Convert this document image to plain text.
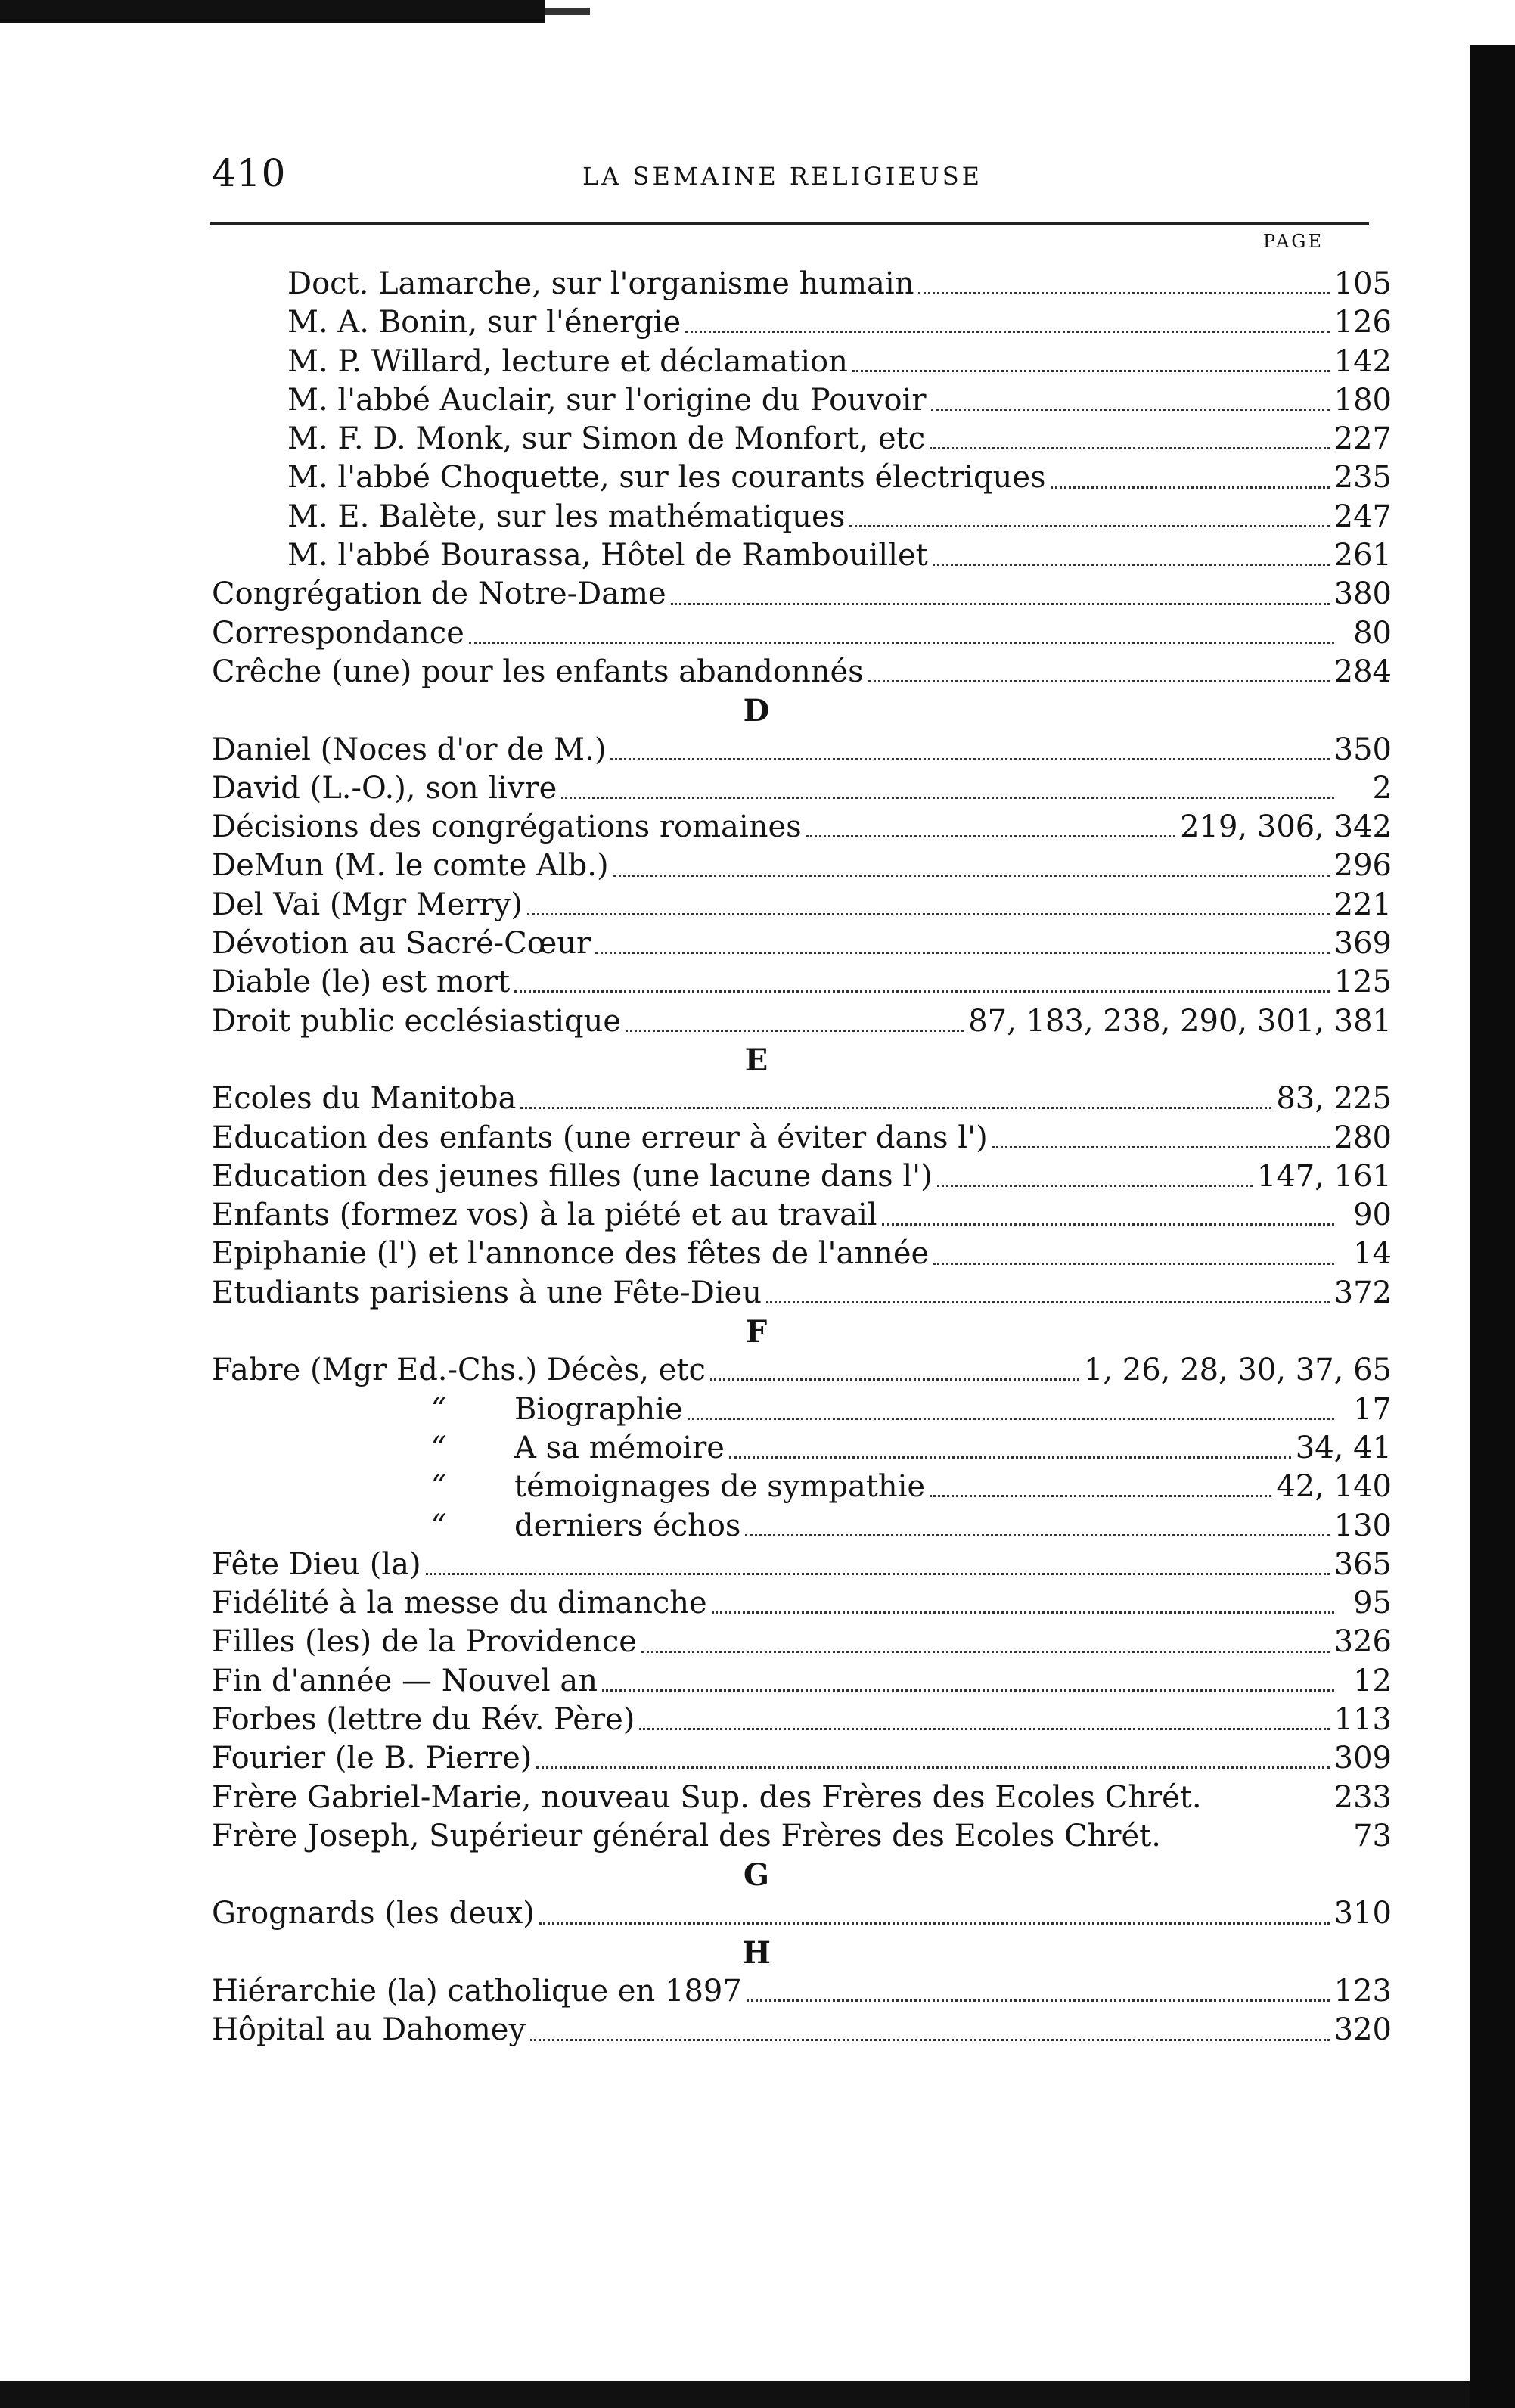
410	LA SEMAINE RELIGIEUSE
PAGE
Doct. Lamarche, sur l'organisme humain	105
M. A. Bonin, sur l'énergie	126
M. P. Willard, lecture et déclamation	142
M. l'abbé Auclair, sur l'origine du Pouvoir	180
M. F. D. Monk, sur Simon de Monfort, etc	227
M. l'abbé Choquette, sur les courants électriques	235
M. E. Balète, sur les mathématiques	247
M. l'abbé Bourassa, Hôtel de Rambouillet	261
Congrégation de Notre-Dame	380
Correspondance	80
Crêche (une) pour les enfants abandonnés	284
D
Daniel (Noces d'or de M.)	350
David (L.-O.), son livre	2
Décisions des congrégations romaines	219, 306, 342
DeMun (M. le comte Alb.)	296
Del Vai (Mgr Merry)	221
Dévotion au Sacré-Cœur	369
Diable (le) est mort	125
Droit public ecclésiastique	87, 183, 238, 290, 301, 381
E
Ecoles du Manitoba	83, 225
Education des enfants (une erreur à éviter dans l')	280
Education des jeunes filles (une lacune dans l')	147, 161
Enfants (formez vos) à la piété et au travail	90
Epiphanie (l') et l'annonce des fêtes de l'année	14
Etudiants parisiens à une Fête-Dieu	372
F
Fabre (Mgr Ed.-Chs.) Décès, etc	1, 26, 28, 30, 37, 65
“	Biographie	17
“	A sa mémoire	34, 41
“	témoignages de sympathie	42, 140
“	derniers échos	130
Fête Dieu (la)	365
Fidélité à la messe du dimanche	95
Filles (les) de la Providence	326
Fin d'année — Nouvel an	12
Forbes (lettre du Rév. Père)	113
Fourier (le B. Pierre)	309
Frère Gabriel-Marie, nouveau Sup. des Frères des Ecoles Chrét.	233
Frère Joseph, Supérieur général des Frères des Ecoles Chrét.	73
G
Grognards (les deux)	310
H
Hiérarchie (la) catholique en 1897	123
Hôpital au Dahomey	320
